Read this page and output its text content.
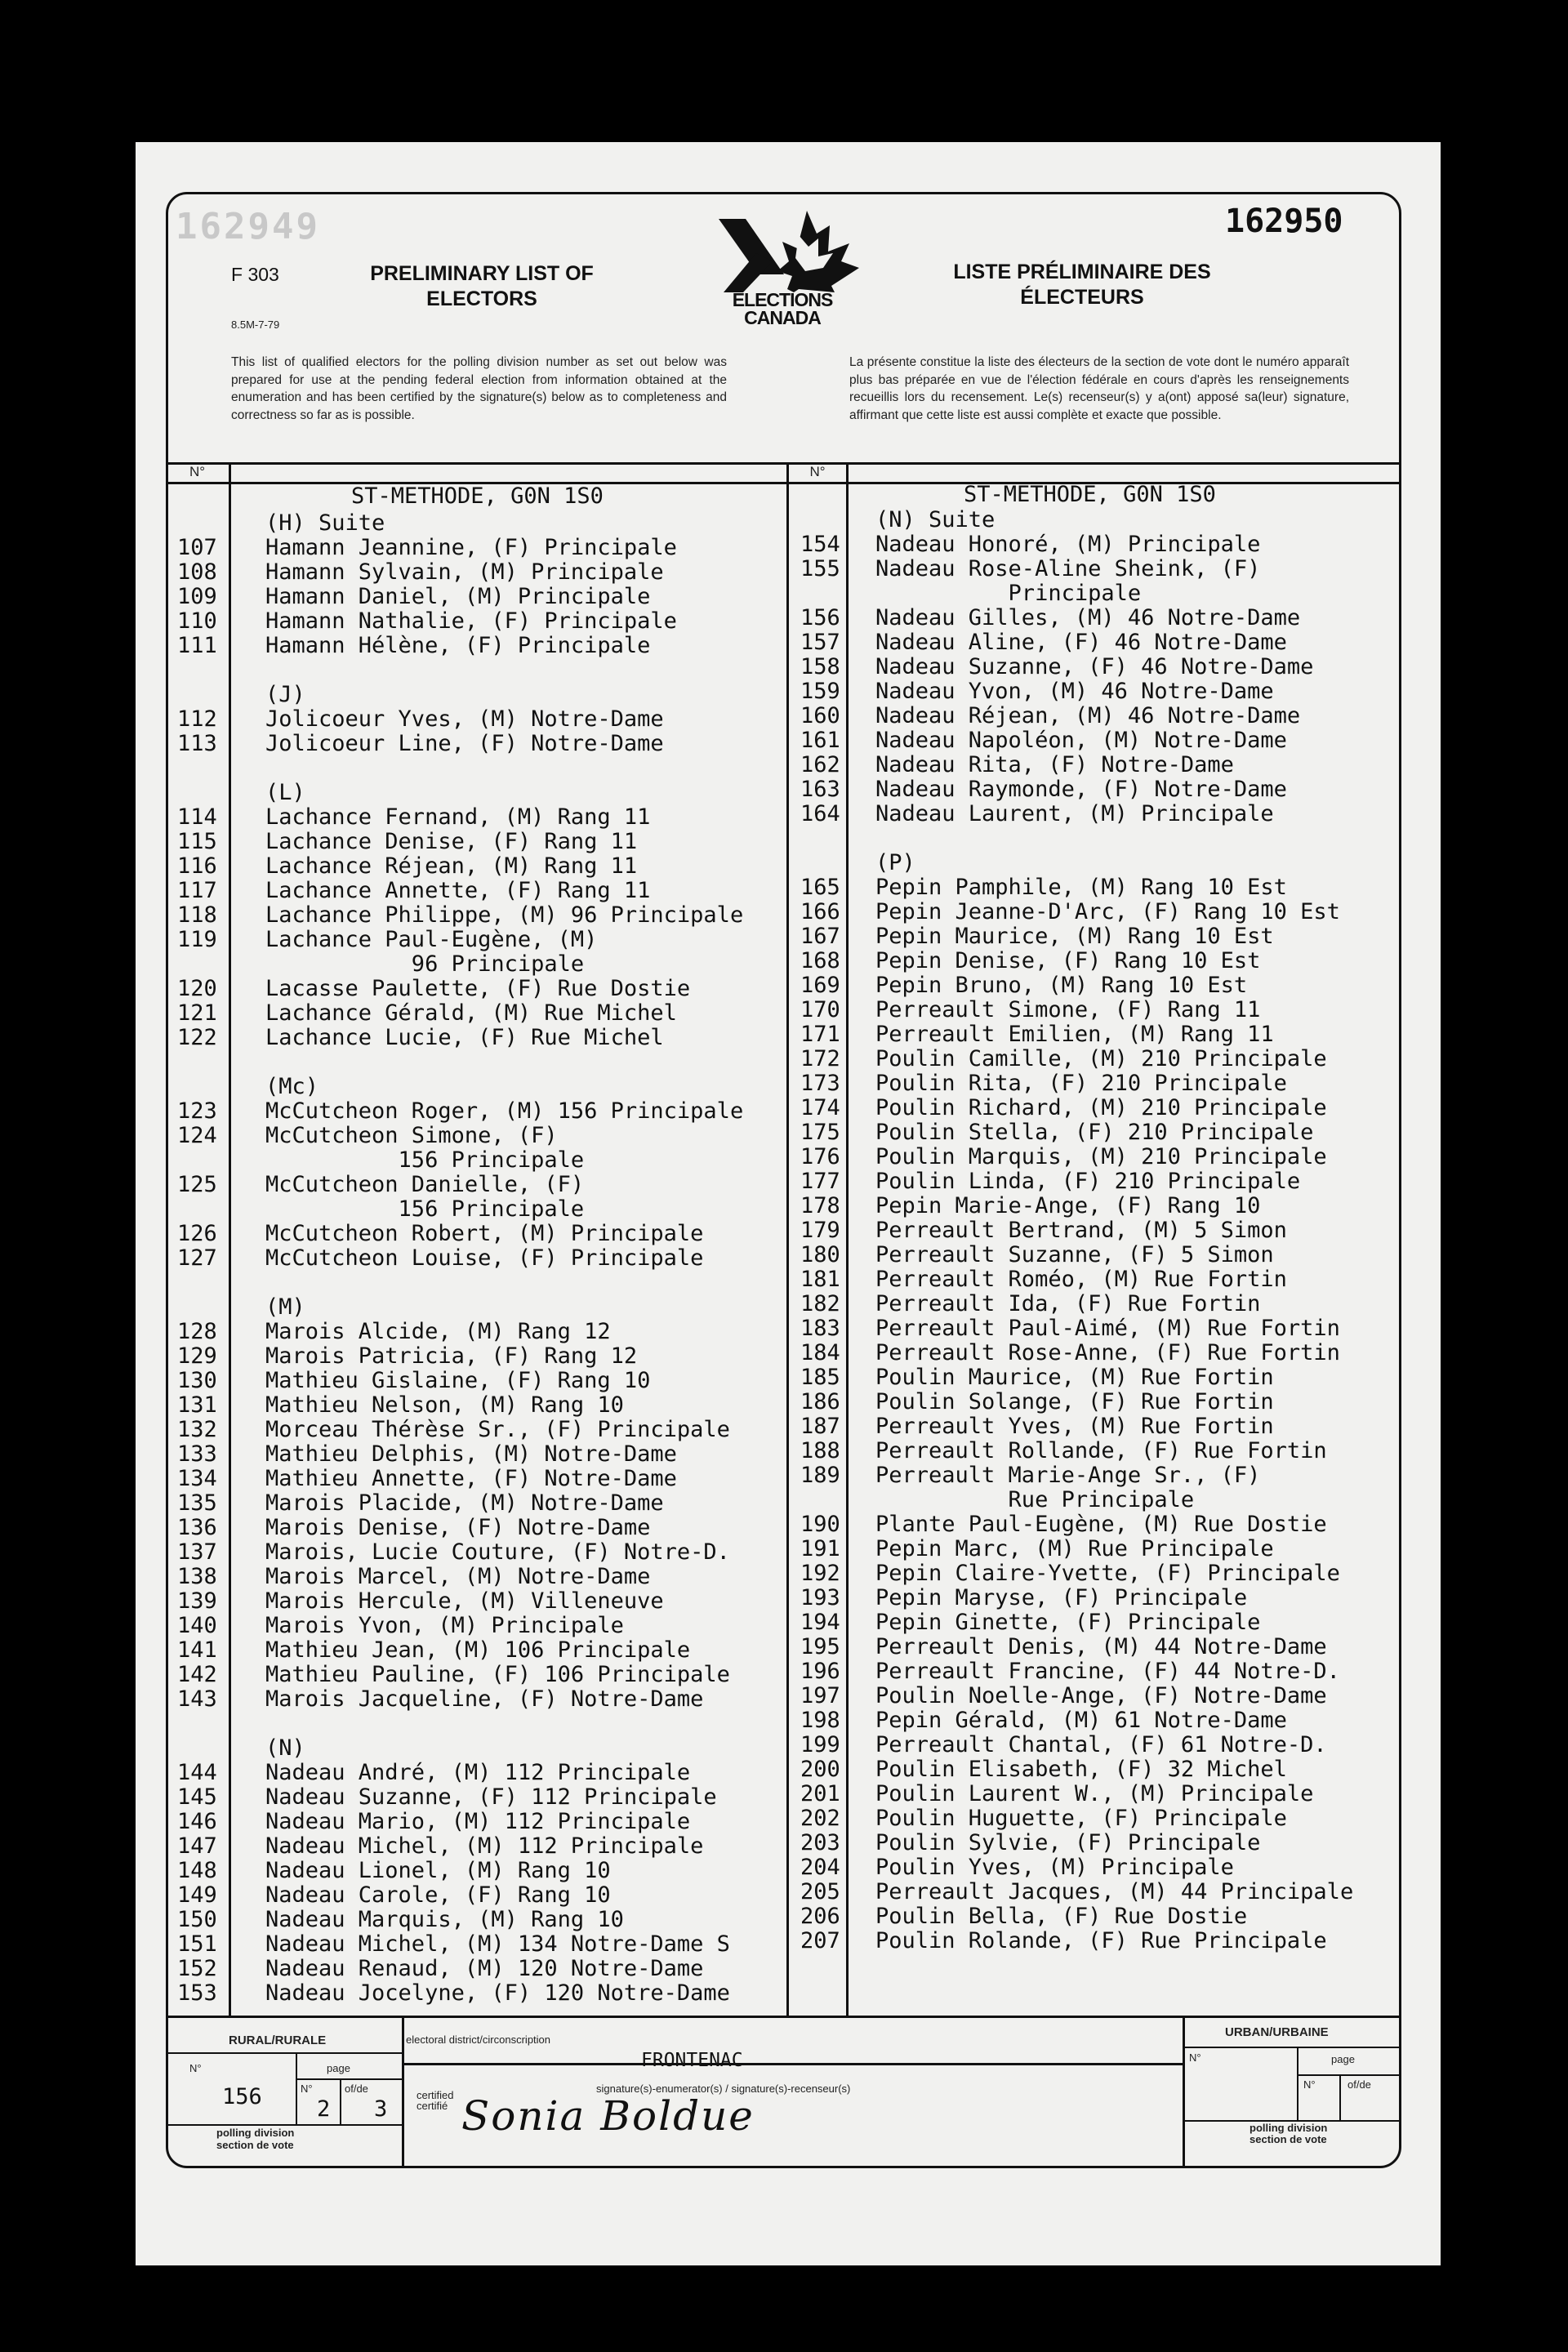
162949	162950
F 303
8.5M-7-79
PRELIMINARY LIST OF
ELECTORS
LISTE PRÉLIMINAIRE DES
ÉLECTEURS
ELECTIONS
CANADA
This list of qualified electors for the polling division number as set out below was prepared for use at the pending federal election from information obtained at the enumeration and has been certified by the signature(s) below as to completeness and correctness so far as is possible.
La présente constitue la liste des électeurs de la section de vote dont le numéro apparaît plus bas préparée en vue de l'élection fédérale en cours d'après les renseignements recueillis lors du recensement. Le(s) recenseur(s) y a(ont) apposé sa(leur) signature, affirmant que cette liste est aussi complète et exacte que possible.
N°	N°
ST-METHODE, G0N 1S0
(H) Suite
107	Hamann Jeannine, (F) Principale
108	Hamann Sylvain, (M) Principale
109	Hamann Daniel, (M) Principale
110	Hamann Nathalie, (F) Principale
111	Hamann Hélène, (F) Principale
(J)
112	Jolicoeur Yves, (M) Notre-Dame
113	Jolicoeur Line, (F) Notre-Dame
(L)
114	Lachance Fernand, (M) Rang 11
115	Lachance Denise, (F) Rang 11
116	Lachance Réjean, (M) Rang 11
117	Lachance Annette, (F) Rang 11
118	Lachance Philippe, (M) 96 Principale
119	Lachance Paul-Eugène, (M)
96 Principale
120	Lacasse Paulette, (F) Rue Dostie
121	Lachance Gérald, (M) Rue Michel
122	Lachance Lucie, (F) Rue Michel
(Mc)
123	McCutcheon Roger, (M) 156 Principale
124	McCutcheon Simone, (F)
156 Principale
125	McCutcheon Danielle, (F)
156 Principale
126	McCutcheon Robert, (M) Principale
127	McCutcheon Louise, (F) Principale
(M)
128	Marois Alcide, (M) Rang 12
129	Marois Patricia, (F) Rang 12
130	Mathieu Gislaine, (F) Rang 10
131	Mathieu Nelson, (M) Rang 10
132	Morceau Thérèse Sr., (F) Principale
133	Mathieu Delphis, (M) Notre-Dame
134	Mathieu Annette, (F) Notre-Dame
135	Marois Placide, (M) Notre-Dame
136	Marois Denise, (F) Notre-Dame
137	Marois, Lucie Couture, (F) Notre-D.
138	Marois Marcel, (M) Notre-Dame
139	Marois Hercule, (M) Villeneuve
140	Marois Yvon, (M) Principale
141	Mathieu Jean, (M) 106 Principale
142	Mathieu Pauline, (F) 106 Principale
143	Marois Jacqueline, (F) Notre-Dame
(N)
144	Nadeau André, (M) 112 Principale
145	Nadeau Suzanne, (F) 112 Principale
146	Nadeau Mario, (M) 112 Principale
147	Nadeau Michel, (M) 112 Principale
148	Nadeau Lionel, (M) Rang 10
149	Nadeau Carole, (F) Rang 10
150	Nadeau Marquis, (M) Rang 10
151	Nadeau Michel, (M) 134 Notre-Dame S
152	Nadeau Renaud, (M) 120 Notre-Dame
153	Nadeau Jocelyne, (F) 120 Notre-Dame
ST-METHODE, G0N 1S0
(N) Suite
154	Nadeau Honoré, (M) Principale
155	Nadeau Rose-Aline Sheink, (F)
Principale
156	Nadeau Gilles, (M) 46 Notre-Dame
157	Nadeau Aline, (F) 46 Notre-Dame
158	Nadeau Suzanne, (F) 46 Notre-Dame
159	Nadeau Yvon, (M) 46 Notre-Dame
160	Nadeau Réjean, (M) 46 Notre-Dame
161	Nadeau Napoléon, (M) Notre-Dame
162	Nadeau Rita, (F) Notre-Dame
163	Nadeau Raymonde, (F) Notre-Dame
164	Nadeau Laurent, (M) Principale
(P)
165	Pepin Pamphile, (M) Rang 10 Est
166	Pepin Jeanne-D'Arc, (F) Rang 10 Est
167	Pepin Maurice, (M) Rang 10 Est
168	Pepin Denise, (F) Rang 10 Est
169	Pepin Bruno, (M) Rang 10 Est
170	Perreault Simone, (F) Rang 11
171	Perreault Emilien, (M) Rang 11
172	Poulin Camille, (M) 210 Principale
173	Poulin Rita, (F) 210 Principale
174	Poulin Richard, (M) 210 Principale
175	Poulin Stella, (F) 210 Principale
176	Poulin Marquis, (M) 210 Principale
177	Poulin Linda, (F) 210 Principale
178	Pepin Marie-Ange, (F) Rang 10
179	Perreault Bertrand, (M) 5 Simon
180	Perreault Suzanne, (F) 5 Simon
181	Perreault Roméo, (M) Rue Fortin
182	Perreault Ida, (F) Rue Fortin
183	Perreault Paul-Aimé, (M) Rue Fortin
184	Perreault Rose-Anne, (F) Rue Fortin
185	Poulin Maurice, (M) Rue Fortin
186	Poulin Solange, (F) Rue Fortin
187	Perreault Yves, (M) Rue Fortin
188	Perreault Rollande, (F) Rue Fortin
189	Perreault Marie-Ange Sr., (F)
Rue Principale
190	Plante Paul-Eugène, (M) Rue Dostie
191	Pepin Marc, (M) Rue Principale
192	Pepin Claire-Yvette, (F) Principale
193	Pepin Maryse, (F) Principale
194	Pepin Ginette, (F) Principale
195	Perreault Denis, (M) 44 Notre-Dame
196	Perreault Francine, (F) 44 Notre-D.
197	Poulin Noelle-Ange, (F) Notre-Dame
198	Pepin Gérald, (M) 61 Notre-Dame
199	Perreault Chantal, (F) 61 Notre-D.
200	Poulin Elisabeth, (F) 32 Michel
201	Poulin Laurent W., (M) Principale
202	Poulin Huguette, (F) Principale
203	Poulin Sylvie, (F) Principale
204	Poulin Yves, (M) Principale
205	Perreault Jacques, (M) 44 Principale
206	Poulin Bella, (F) Rue Dostie
207	Poulin Rolande, (F) Rue Principale
RURAL/RURALE
N°	page
156	N°
2
of/de
3
polling division
section de vote
electoral district/circonscription
FRONTENAC
certified
certifié
signature(s)-enumerator(s) / signature(s)-recenseur(s)
Sonia Boldue
URBAN/URBAINE
N°	page
N°	of/de
polling division
section de vote
